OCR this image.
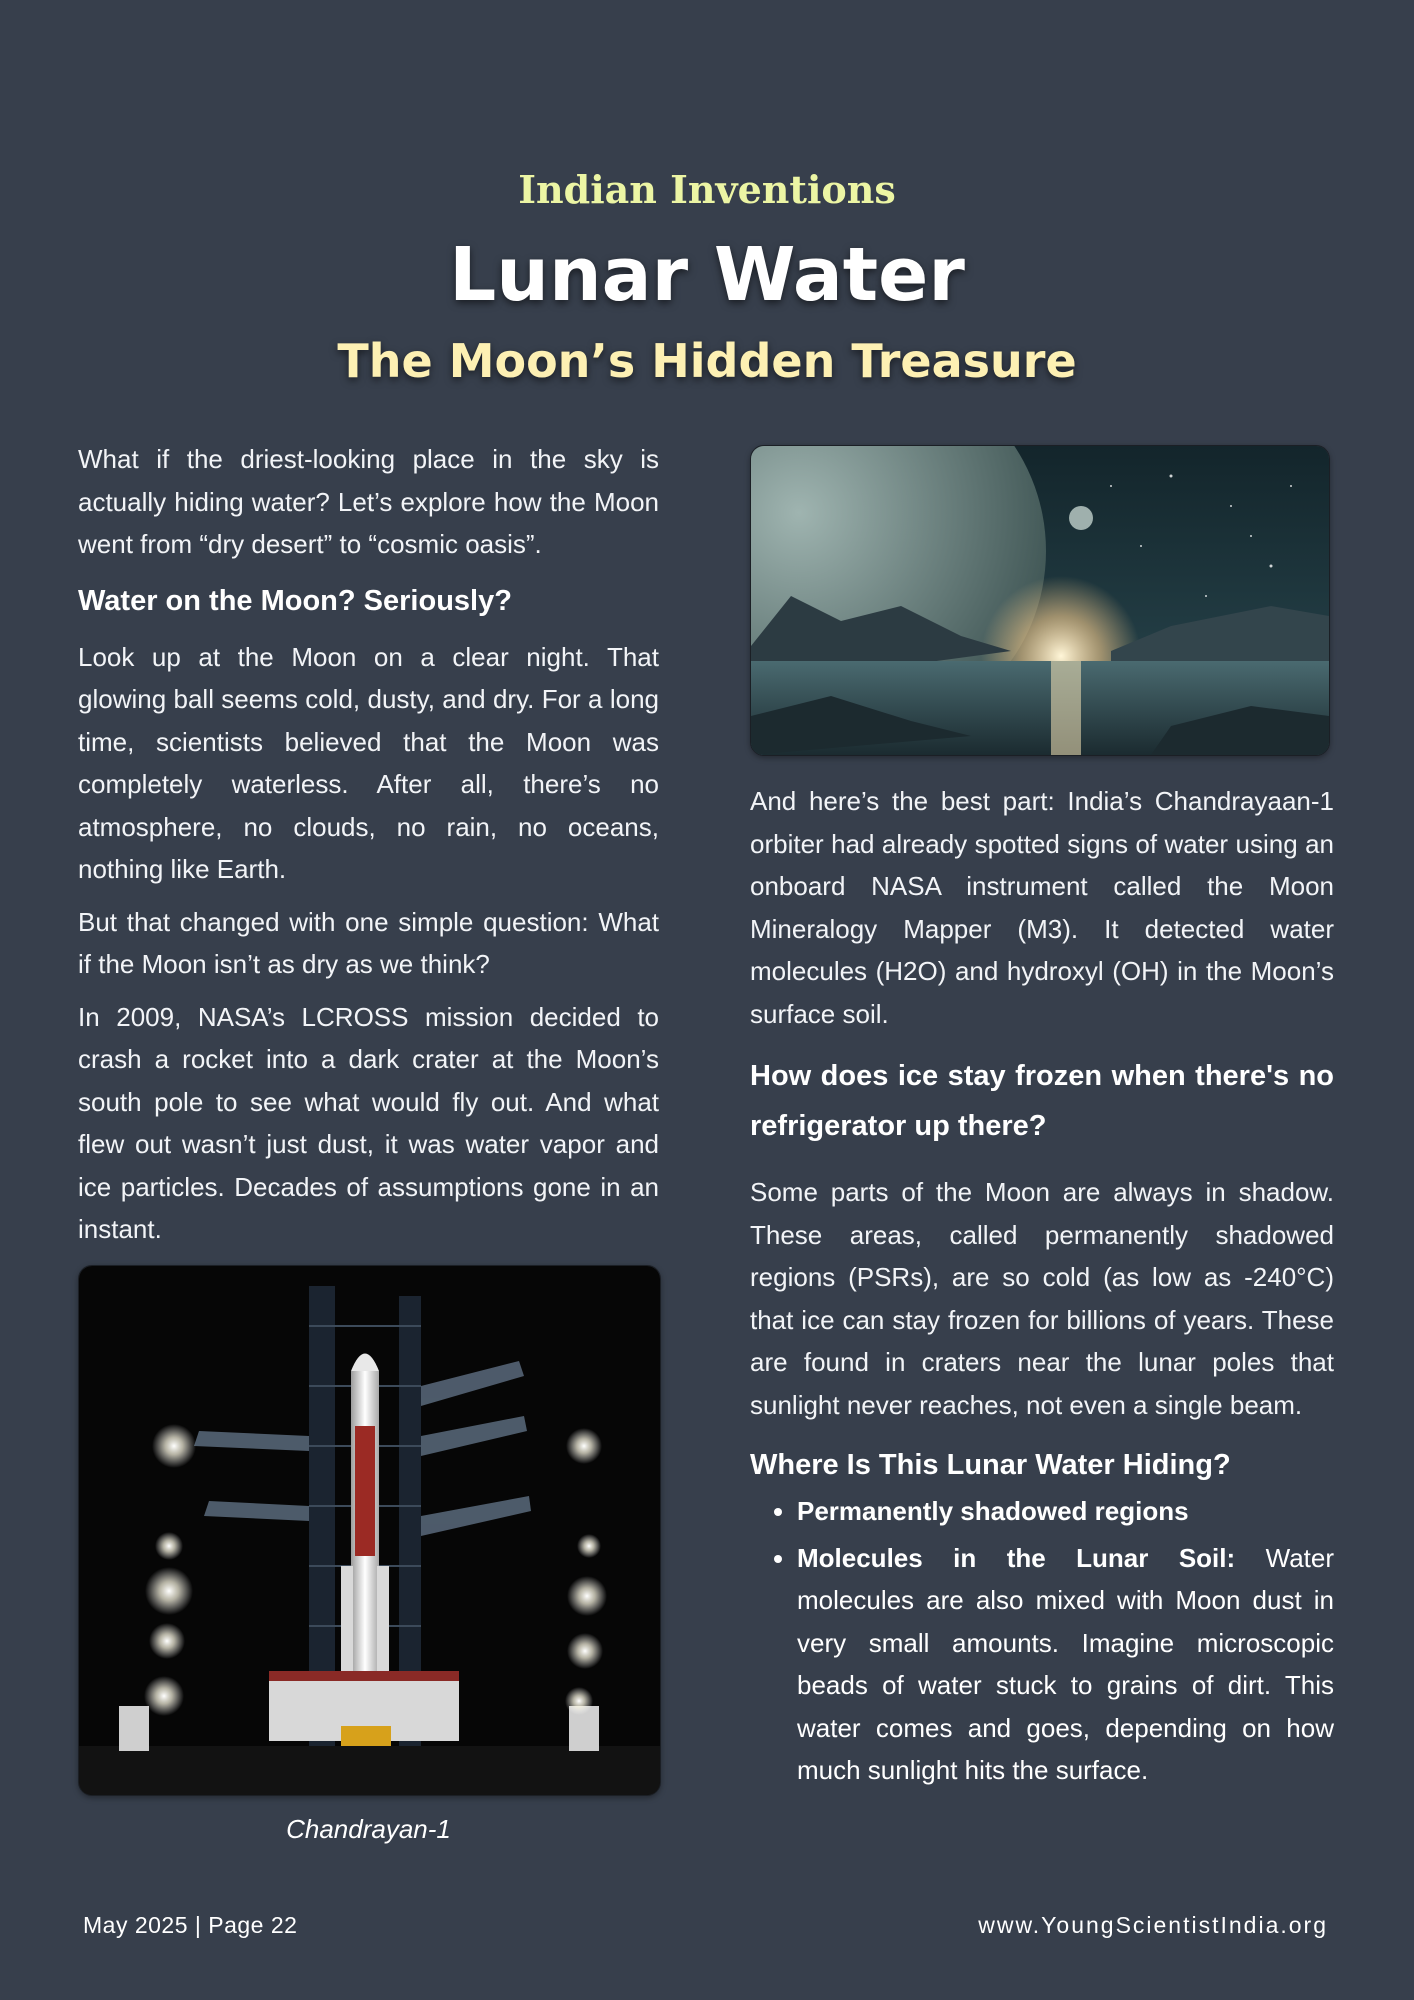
Indian Inventions

Lunar Water

The Moon’s Hidden Treasure

What if the driest-looking place in the sky is actually hiding water? Let’s explore how the Moon went from “dry desert” to “cosmic oasis”.

Water on the Moon? Seriously?

Look up at the Moon on a clear night. That glowing ball seems cold, dusty, and dry. For a long time, scientists believed that the Moon was completely waterless. After all, there’s no atmosphere, no clouds, no rain, no oceans, nothing like Earth.

But that changed with one simple question: What if the Moon isn’t as dry as we think?

In 2009, NASA’s LCROSS mission decided to crash a rocket into a dark crater at the Moon’s south pole to see what would fly out. And what flew out wasn’t just dust, it was water vapor and ice particles. Decades of assumptions gone in an instant.

Chandrayan-1

And here’s the best part: India’s Chandrayaan-1 orbiter had already spotted signs of water using an onboard NASA instrument called the Moon Mineralogy Mapper (M3). It detected water molecules (H2O) and hydroxyl (OH) in the Moon’s surface soil.

How does ice stay frozen when there's no refrigerator up there?

Some parts of the Moon are always in shadow. These areas, called permanently shadowed regions (PSRs), are so cold (as low as -240°C) that ice can stay frozen for billions of years. These are found in craters near the lunar poles that sunlight never reaches, not even a single beam.

Where Is This Lunar Water Hiding?
Permanently shadowed regions
Molecules in the Lunar Soil: Water molecules are also mixed with Moon dust in very small amounts. Imagine microscopic beads of water stuck to grains of dirt. This water comes and goes, depending on how much sunlight hits the surface.
May 2025 | Page 22	www.YoungScientistIndia.org
